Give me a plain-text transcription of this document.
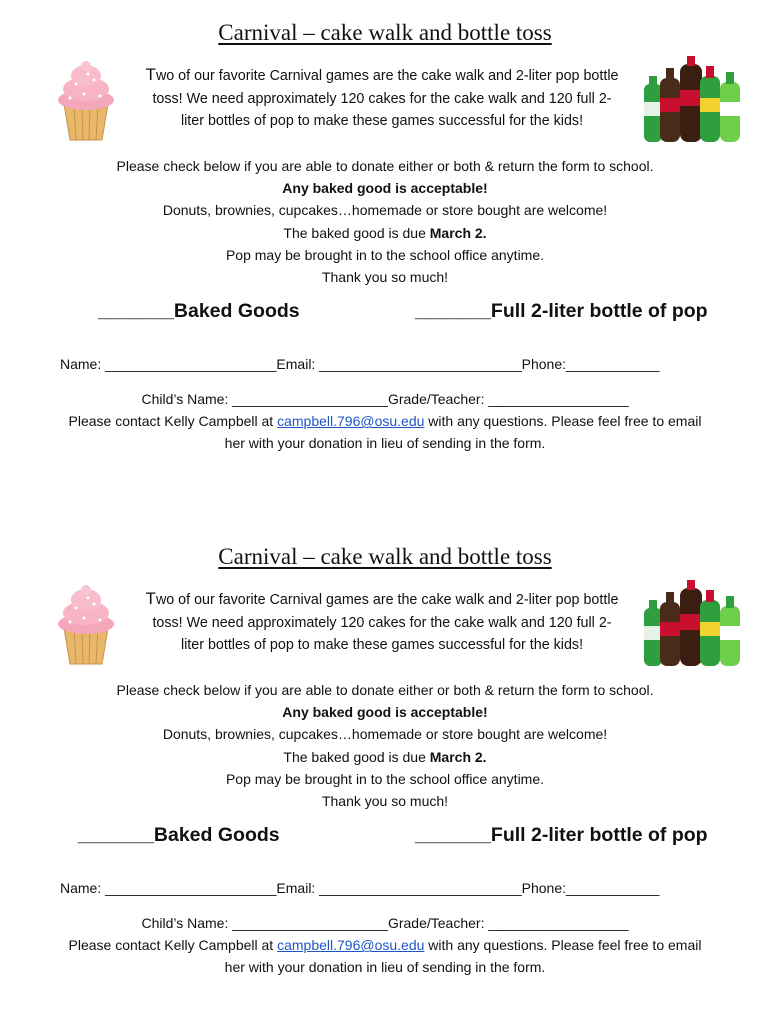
Carnival – cake walk and bottle toss
Two of our favorite Carnival games are the cake walk and 2-liter pop bottle
toss! We need approximately 120 cakes for the cake walk and 120 full 2-
liter bottles of pop to make these games successful for the kids!

Please check below if you are able to donate either or both & return the form to school.

Any baked good is acceptable!

Donuts, brownies, cupcakes…homemade or store bought are welcome!

The baked good is due March 2.

Pop may be brought in to the school office anytime.

Thank you so much!

_______Baked Goods	_______Full 2-liter bottle of pop
Name: ______________________Email: __________________________Phone:____________

Child’s Name: ____________________Grade/Teacher: __________________

Please contact Kelly Campbell at campbell.796@osu.edu with any questions. Please feel free to email

her with your donation in lieu of sending in the form.

Carnival – cake walk and bottle toss
Two of our favorite Carnival games are the cake walk and 2-liter pop bottle
toss! We need approximately 120 cakes for the cake walk and 120 full 2-
liter bottles of pop to make these games successful for the kids!

Please check below if you are able to donate either or both & return the form to school.

Any baked good is acceptable!

Donuts, brownies, cupcakes…homemade or store bought are welcome!

The baked good is due March 2.

Pop may be brought in to the school office anytime.

Thank you so much!

_______Baked Goods	_______Full 2-liter bottle of pop
Name: ______________________Email: __________________________Phone:____________

Child’s Name: ____________________Grade/Teacher: __________________

Please contact Kelly Campbell at campbell.796@osu.edu with any questions. Please feel free to email

her with your donation in lieu of sending in the form.
